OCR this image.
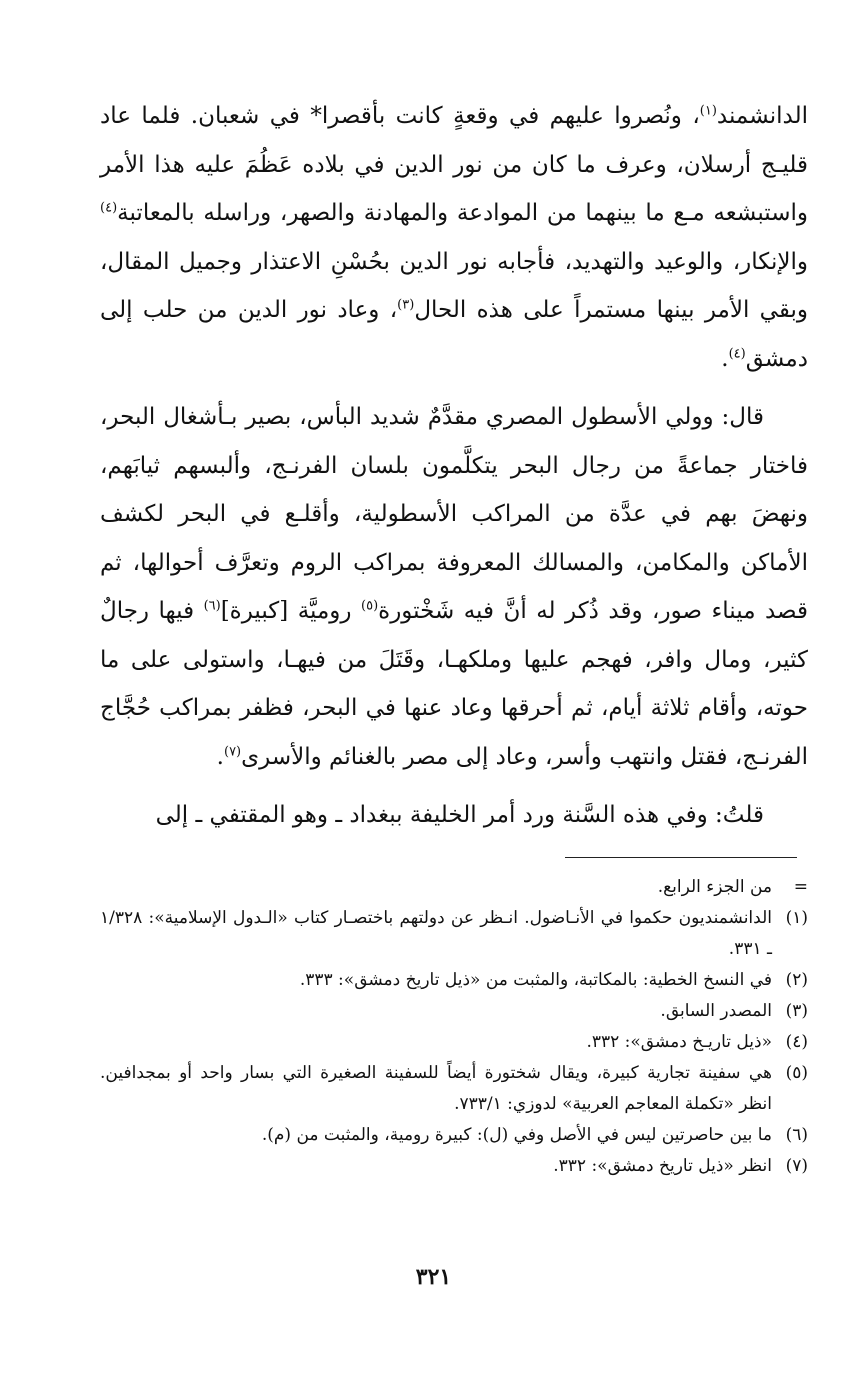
الدانشمند$^{(١)}$، ونُصروا عليهم في وقعةٍ كانت بأقصرا* في شعبان. فلما عاد قليـج أرسلان، وعرف ما كان من نور الدين في بلاده عَظُمَ عليه هذا الأمر واستبشعه مـع ما بينهما من الموادعة والمهادنة والصهر، وراسله بالمعاتبة$^{(٤)}$ والإنكار، والوعيد والتهديد، فأجابه نور الدين بحُسْنِ الاعتذار وجميل المقال، وبقي الأمر بينها مستمراً على هذه الحال$^{(٣)}$، وعاد نور الدين من حلب إلى دمشق$^{(٤)}$.

قال: وولي الأسطول المصري مقدَّمٌ شديد البأس، بصير بـأشغال البحر، فاختار جماعةً من رجال البحر يتكلَّمون بلسان الفرنـج، وألبسهم ثيابَهم، ونهضَ بهم في عدَّة من المراكب الأسطولية، وأقلـع في البحر لكشف الأماكن والمكامن، والمسالك المعروفة بمراكب الروم وتعرَّف أحوالها، ثم قصد ميناء صور، وقد ذُكر له أنَّ فيه شَخْتورة$^{(٥)}$ روميَّة [كبيرة]$^{(٦)}$ فيها رجالٌ كثير، ومال وافر، فهجم عليها وملكهـا، وقَتَلَ من فيهـا، واستولى على ما حوته، وأقام ثلاثة أيام، ثم أحرقها وعاد عنها في البحر، فظفر بمراكب حُجَّاج الفرنـج، فقتل وانتهب وأسر، وعاد إلى مصر بالغنائم والأسرى$^{(٧)}$.

قلتُ: وفي هذه السَّنة ورد أمر الخليفة ببغداد ـ وهو المقتفي ـ إلى

=
من الجزء الرابع.
(١)
الدانشمنديون حكموا في الأنـاضول. انـظر عن دولتهم باختصـار كتاب «الـدول الإسلامية»: ١/٣٢٨ ـ ٣٣١.
(٢)
في النسخ الخطية: بالمكاتبة، والمثبت من «ذيل تاريخ دمشق»: ٣٣٣.
(٣)
المصدر السابق.
(٤)
«ذيل تاريـخ دمشق»: ٣٣٢.
(٥)
هي سفينة تجارية كبيرة، ويقال شختورة أيضاً للسفينة الصغيرة التي بسار واحد أو بمجدافين. انظر «تكملة المعاجم العربية» لدوزي: ٧٣٣/١.
(٦)
ما بين حاصرتين ليس في الأصل وفي (ل): كبيرة رومية، والمثبت من (م).
(٧)
انظر «ذيل تاريخ دمشق»: ٣٣٢.
٣٢١
